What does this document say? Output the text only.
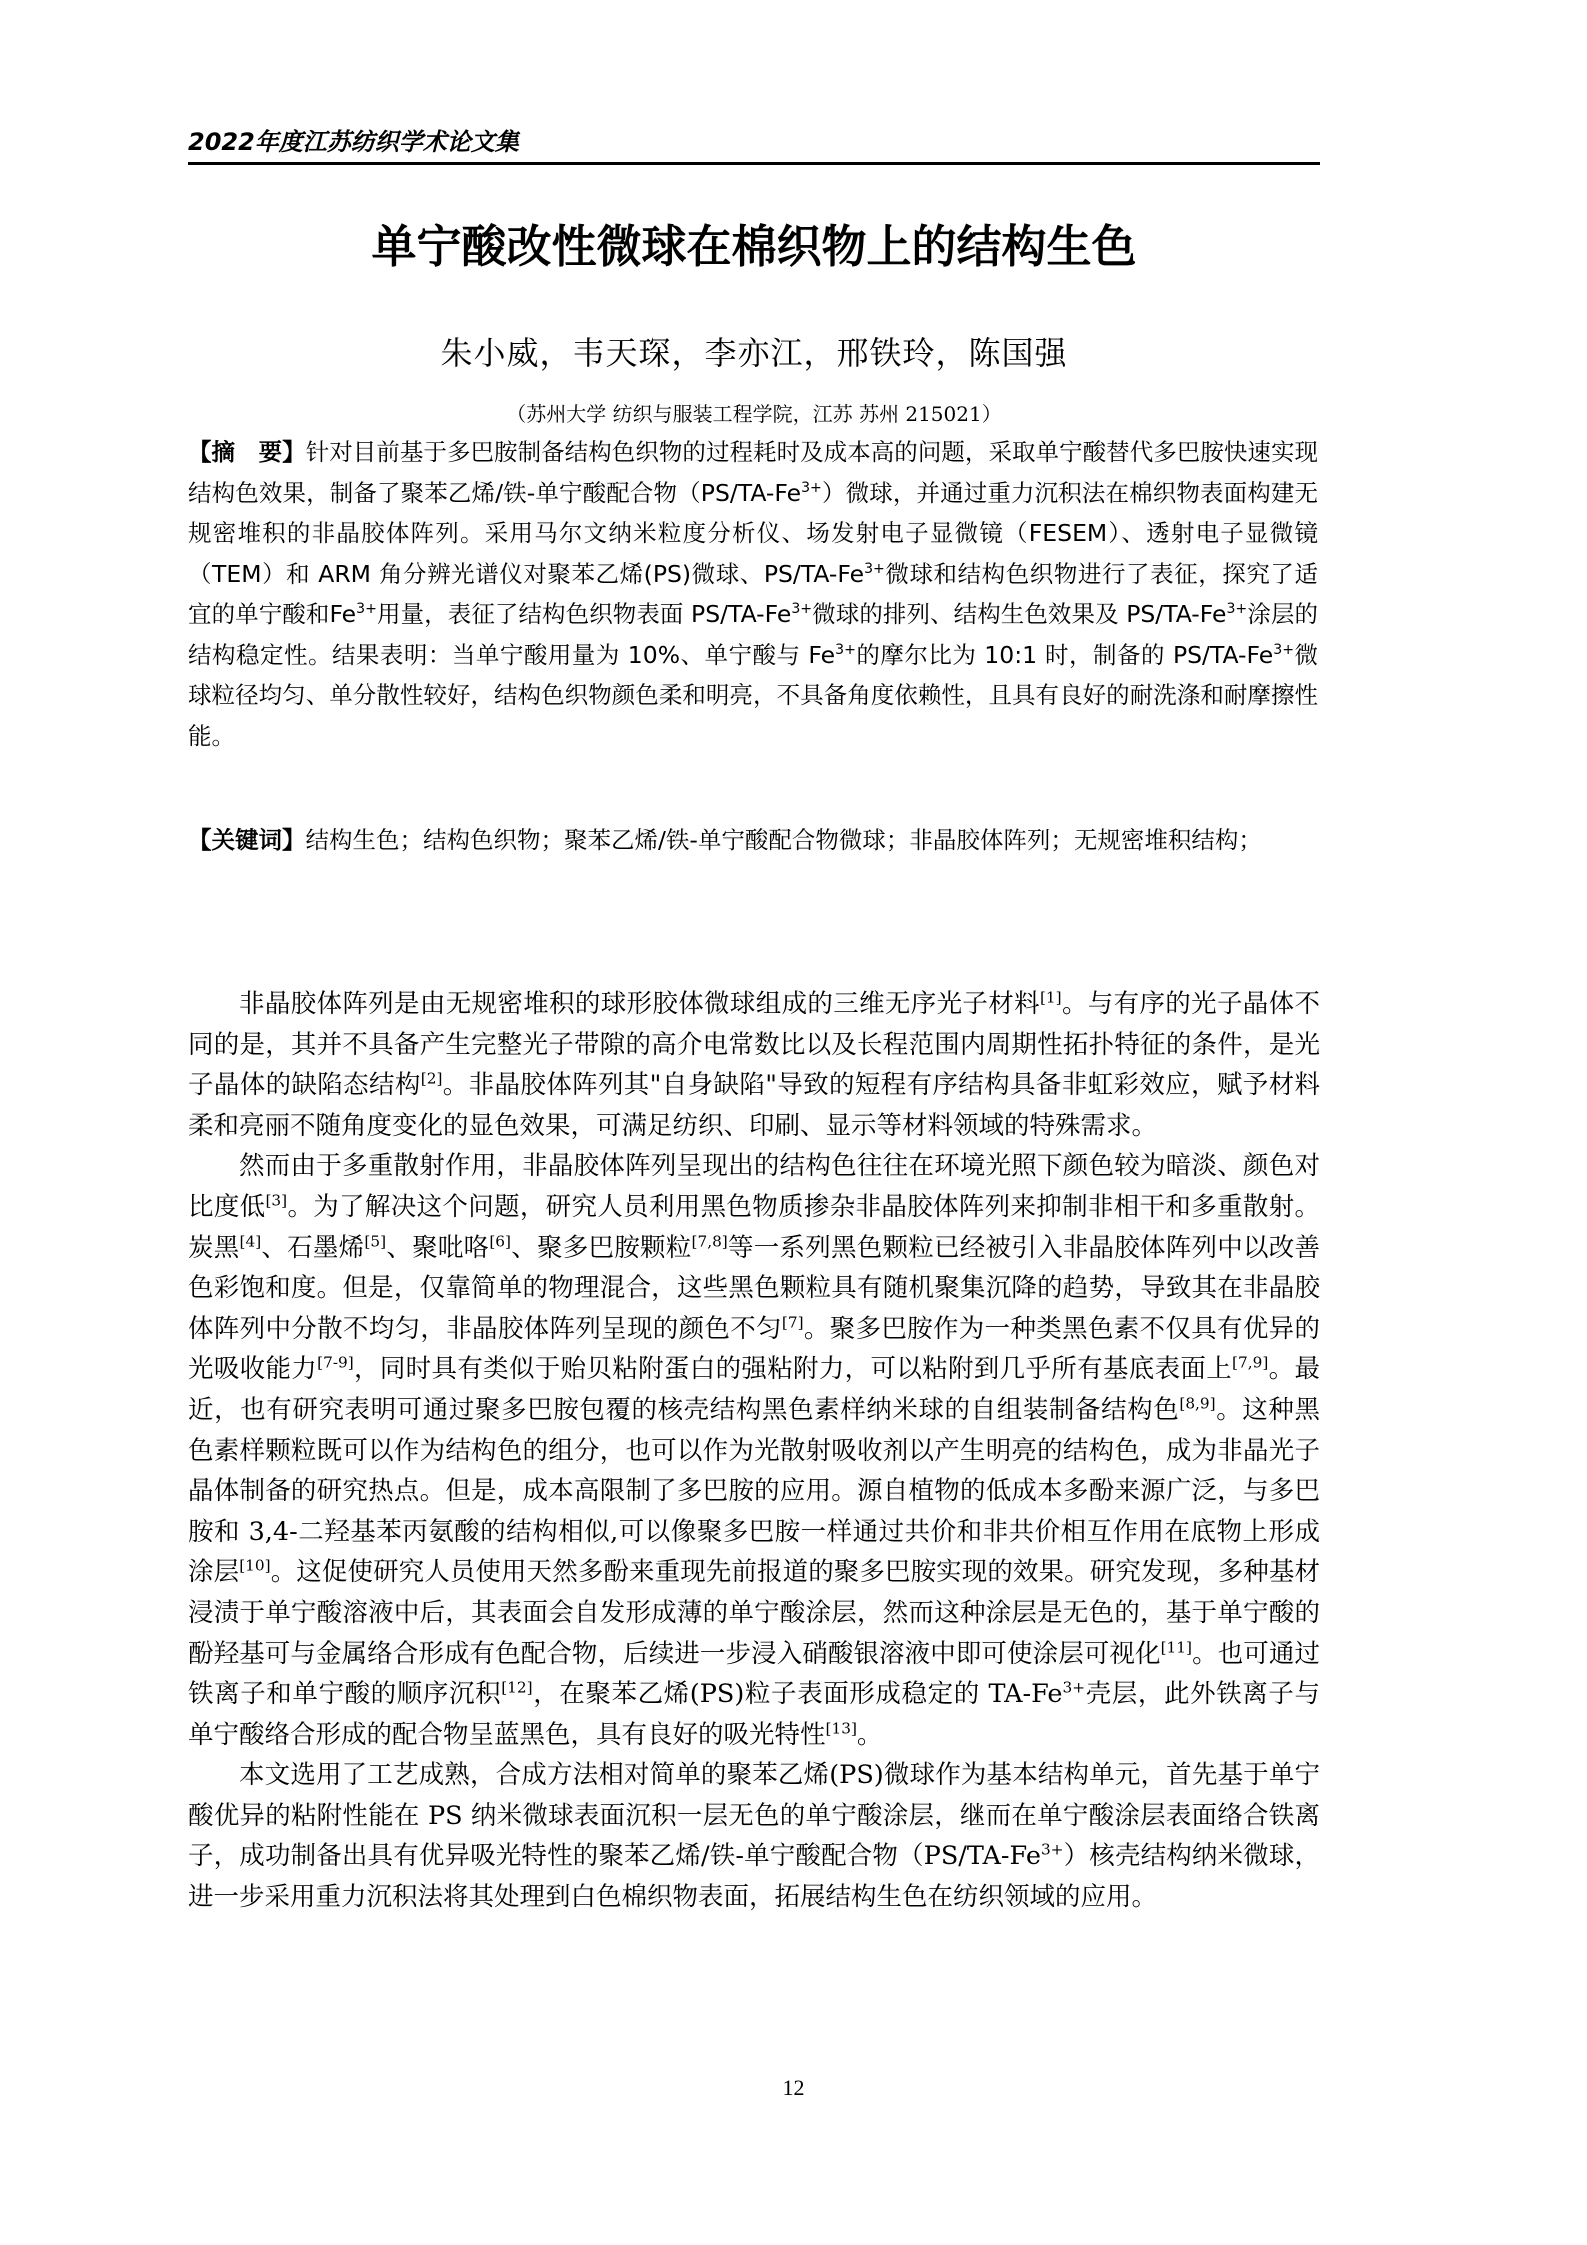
2022年度江苏纺织学术论文集
单宁酸改性微球在棉织物上的结构生色
朱小威，韦天琛，李亦江，邢铁玲，陈国强
（苏州大学 纺织与服装工程学院，江苏 苏州 215021）

【摘　要】针对目前基于多巴胺制备结构色织物的过程耗时及成本高的问题，采取单宁酸替代多巴胺快速实现结构色效果，制备了聚苯乙烯/铁-单宁酸配合物$(PS/TA-Fe^{3+})$微球，并通过重力沉积法在棉织物表面构建无规密堆积的非晶胶体阵列。采用马尔文纳米粒度分析仪、场发射电子显微镜（FESEM）、透射电子显微镜（TEM）和 ARM 角分辨光谱仪对聚苯乙烯(PS)微球、$PS/TA-Fe^{3+}$微球和结构色织物进行了表征，探究了适宜的单宁酸和$Fe^{3+}$用量，表征了结构色织物表面 $PS/TA-Fe^{3+}$微球的排列、结构生色效果及 $PS/TA-Fe^{3+}$涂层的结构稳定性。结果表明：当单宁酸用量为 10%、单宁酸与 $Fe^{3+}$的摩尔比为 10:1 时，制备的 $PS/TA-Fe^{3+}$微球粒径均匀、单分散性较好，结构色织物颜色柔和明亮，不具备角度依赖性，且具有良好的耐洗涤和耐摩擦性能。

【关键词】结构生色；结构色织物；聚苯乙烯/铁-单宁酸配合物微球；非晶胶体阵列；无规密堆积结构；

非晶胶体阵列是由无规密堆积的球形胶体微球组成的三维无序光子材料[1]。与有序的光子晶体不同的是，其并不具备产生完整光子带隙的高介电常数比以及长程范围内周期性拓扑特征的条件，是光子晶体的缺陷态结构[2]。非晶胶体阵列其"自身缺陷"导致的短程有序结构具备非虹彩效应，赋予材料柔和亮丽不随角度变化的显色效果，可满足纺织、印刷、显示等材料领域的特殊需求。

然而由于多重散射作用，非晶胶体阵列呈现出的结构色往往在环境光照下颜色较为暗淡、颜色对比度低[3]。为了解决这个问题，研究人员利用黑色物质掺杂非晶胶体阵列来抑制非相干和多重散射。炭黑[4]、石墨烯[5]、聚吡咯[6]、聚多巴胺颗粒[7,8]等一系列黑色颗粒已经被引入非晶胶体阵列中以改善色彩饱和度。但是，仅靠简单的物理混合，这些黑色颗粒具有随机聚集沉降的趋势，导致其在非晶胶体阵列中分散不均匀，非晶胶体阵列呈现的颜色不匀[7]。聚多巴胺作为一种类黑色素不仅具有优异的光吸收能力[7-9]，同时具有类似于贻贝粘附蛋白的强粘附力，可以粘附到几乎所有基底表面上[7,9]。最近，也有研究表明可通过聚多巴胺包覆的核壳结构黑色素样纳米球的自组装制备结构色[8,9]。这种黑色素样颗粒既可以作为结构色的组分，也可以作为光散射吸收剂以产生明亮的结构色，成为非晶光子晶体制备的研究热点。但是，成本高限制了多巴胺的应用。源自植物的低成本多酚来源广泛，与多巴胺和 3,4-二羟基苯丙氨酸的结构相似,可以像聚多巴胺一样通过共价和非共价相互作用在底物上形成涂层[10]。这促使研究人员使用天然多酚来重现先前报道的聚多巴胺实现的效果。研究发现，多种基材浸渍于单宁酸溶液中后，其表面会自发形成薄的单宁酸涂层，然而这种涂层是无色的，基于单宁酸的酚羟基可与金属络合形成有色配合物，后续进一步浸入硝酸银溶液中即可使涂层可视化[11]。也可通过铁离子和单宁酸的顺序沉积[12]，在聚苯乙烯(PS)粒子表面形成稳定的 $TA-Fe^{3+}$壳层，此外铁离子与单宁酸络合形成的配合物呈蓝黑色，具有良好的吸光特性[13]。

本文选用了工艺成熟，合成方法相对简单的聚苯乙烯(PS)微球作为基本结构单元，首先基于单宁酸优异的粘附性能在 PS 纳米微球表面沉积一层无色的单宁酸涂层，继而在单宁酸涂层表面络合铁离子，成功制备出具有优异吸光特性的聚苯乙烯/铁-单宁酸配合物$(PS/TA-Fe^{3+})$核壳结构纳米微球，进一步采用重力沉积法将其处理到白色棉织物表面，拓展结构生色在纺织领域的应用。

12
